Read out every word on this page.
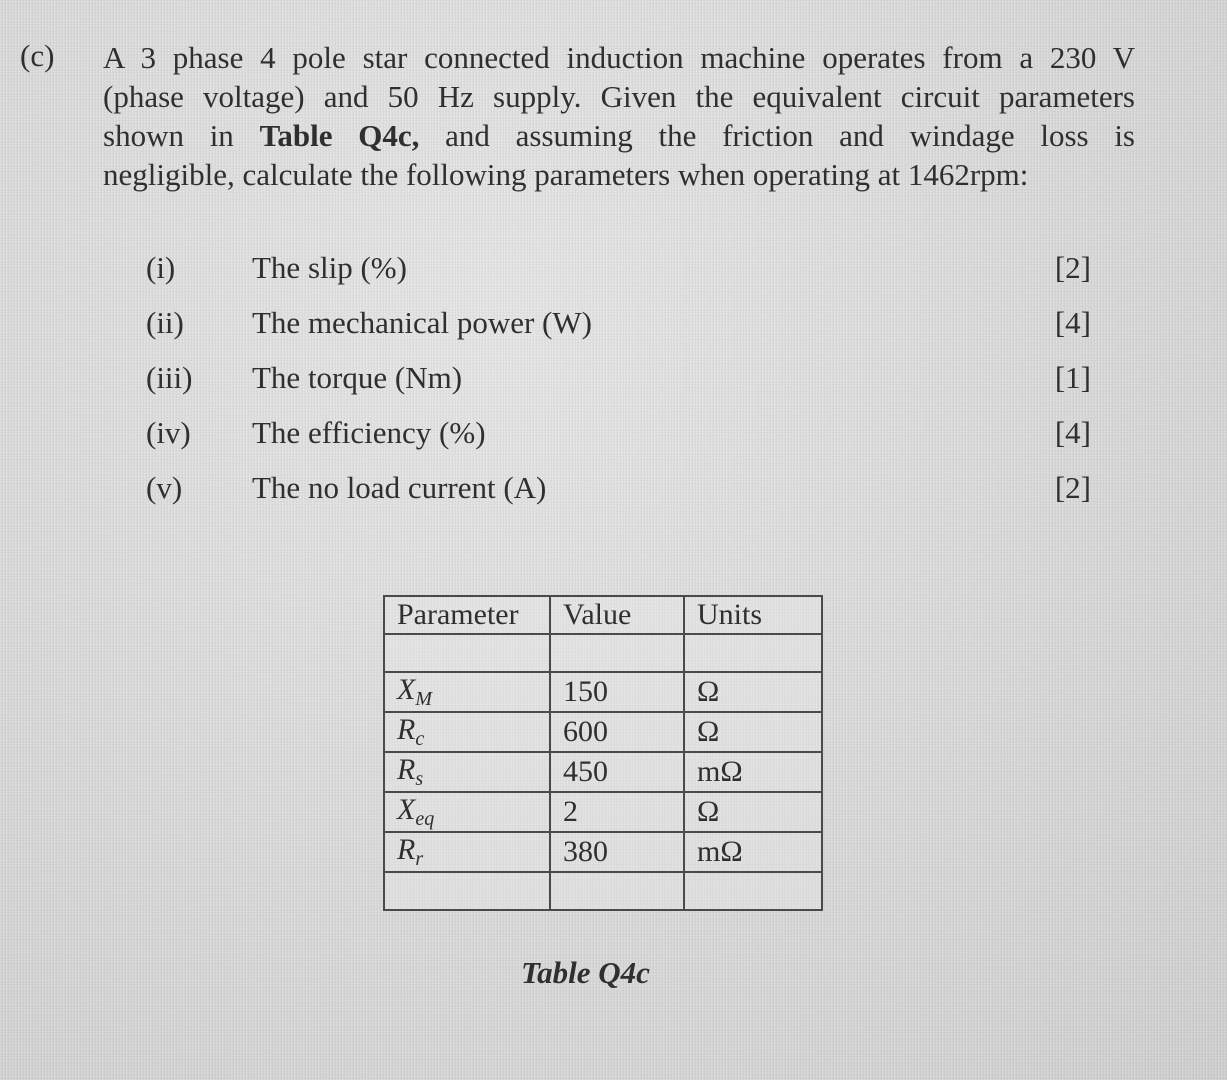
(c) A 3 phase 4 pole star connected induction machine operates from a 230 V
(phase voltage) and 50 Hz supply. Given the equivalent circuit parameters
shown in Table Q4c, and assuming the friction and windage loss is
negligible, calculate the following parameters when operating at 1462rpm:
(i) The slip (%)	[2]
(ii) The mechanical power (W)	[4]
(iii) The torque (Nm)	[1]
(iv) The efficiency (%)	[4]
(v) The no load current (A)	[2]
Parameter	Value	Units

$X_M$	150	Ω
$R_c$	600	Ω
$R_s$	450	mΩ
$X_{eq}$	2	Ω
$R_r$	380	mΩ

Table Q4c
